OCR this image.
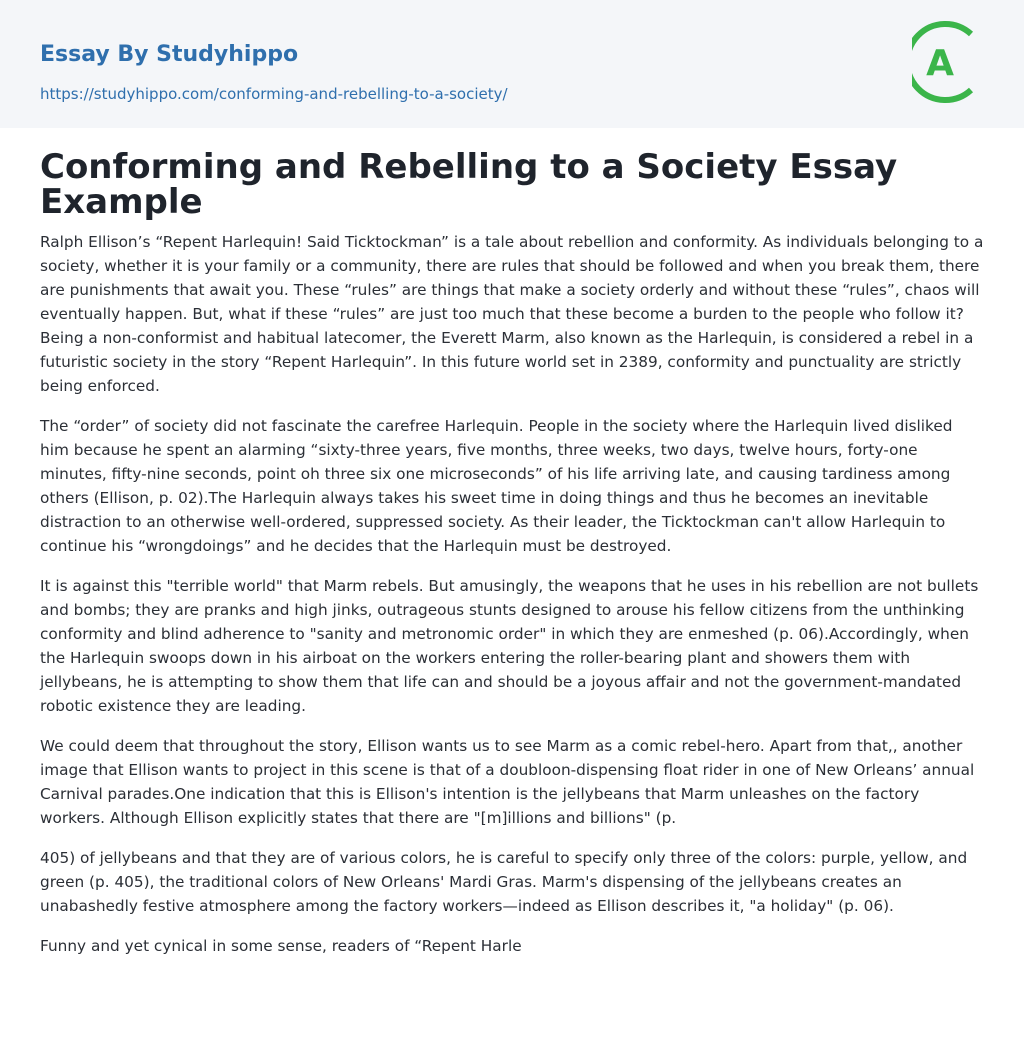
Essay By Studyhippo
https://studyhippo.com/conforming-and-rebelling-to-a-society/
A
Conforming and Rebelling to a Society Essay Example

Ralph Ellison’s “Repent Harlequin! Said Ticktockman” is a tale about rebellion and conformity. As individuals belonging to a society, whether it is your family or a community, there are rules that should be followed and when you break them, there are punishments that await you. These “rules” are things that make a society orderly and without these “rules”, chaos will eventually happen. But, what if these “rules” are just too much that these become a burden to the people who follow it?Being a non-conformist and habitual latecomer, the Everett Marm, also known as the Harlequin, is considered a rebel in a futuristic society in the story “Repent Harlequin”. In this future world set in 2389, conformity and punctuality are strictly being enforced.

The “order” of society did not fascinate the carefree Harlequin. People in the society where the Harlequin lived disliked him because he spent an alarming “sixty-three years, five months, three weeks, two days, twelve hours, forty-one minutes, fifty-nine seconds, point oh three six one microseconds” of his life arriving late, and causing tardiness among others (Ellison, p. 02).The Harlequin always takes his sweet time in doing things and thus he becomes an inevitable distraction to an otherwise well-ordered, suppressed society. As their leader, the Ticktockman can't allow Harlequin to continue his “wrongdoings” and he decides that the Harlequin must be destroyed.

It is against this "terrible world" that Marm rebels. But amusingly, the weapons that he uses in his rebellion are not bullets and bombs; they are pranks and high jinks, outrageous stunts designed to arouse his fellow citizens from the unthinking conformity and blind adherence to "sanity and metronomic order" in which they are enmeshed (p. 06).Accordingly, when the Harlequin swoops down in his airboat on the workers entering the roller-bearing plant and showers them with jellybeans, he is attempting to show them that life can and should be a joyous affair and not the government-mandated robotic existence they are leading.

We could deem that throughout the story, Ellison wants us to see Marm as a comic rebel-hero. Apart from that,, another image that Ellison wants to project in this scene is that of a doubloon-dispensing float rider in one of New Orleans’ annual Carnival parades.One indication that this is Ellison's intention is the jellybeans that Marm unleashes on the factory workers. Although Ellison explicitly states that there are "[m]illions and billions" (p.

405) of jellybeans and that they are of various colors, he is careful to specify only three of the colors: purple, yellow, and green (p. 405), the traditional colors of New Orleans' Mardi Gras. Marm's dispensing of the jellybeans creates an unabashedly festive atmosphere among the factory workers—indeed as Ellison describes it, "a holiday" (p. 06).

Funny and yet cynical in some sense, readers of “Repent Harle
